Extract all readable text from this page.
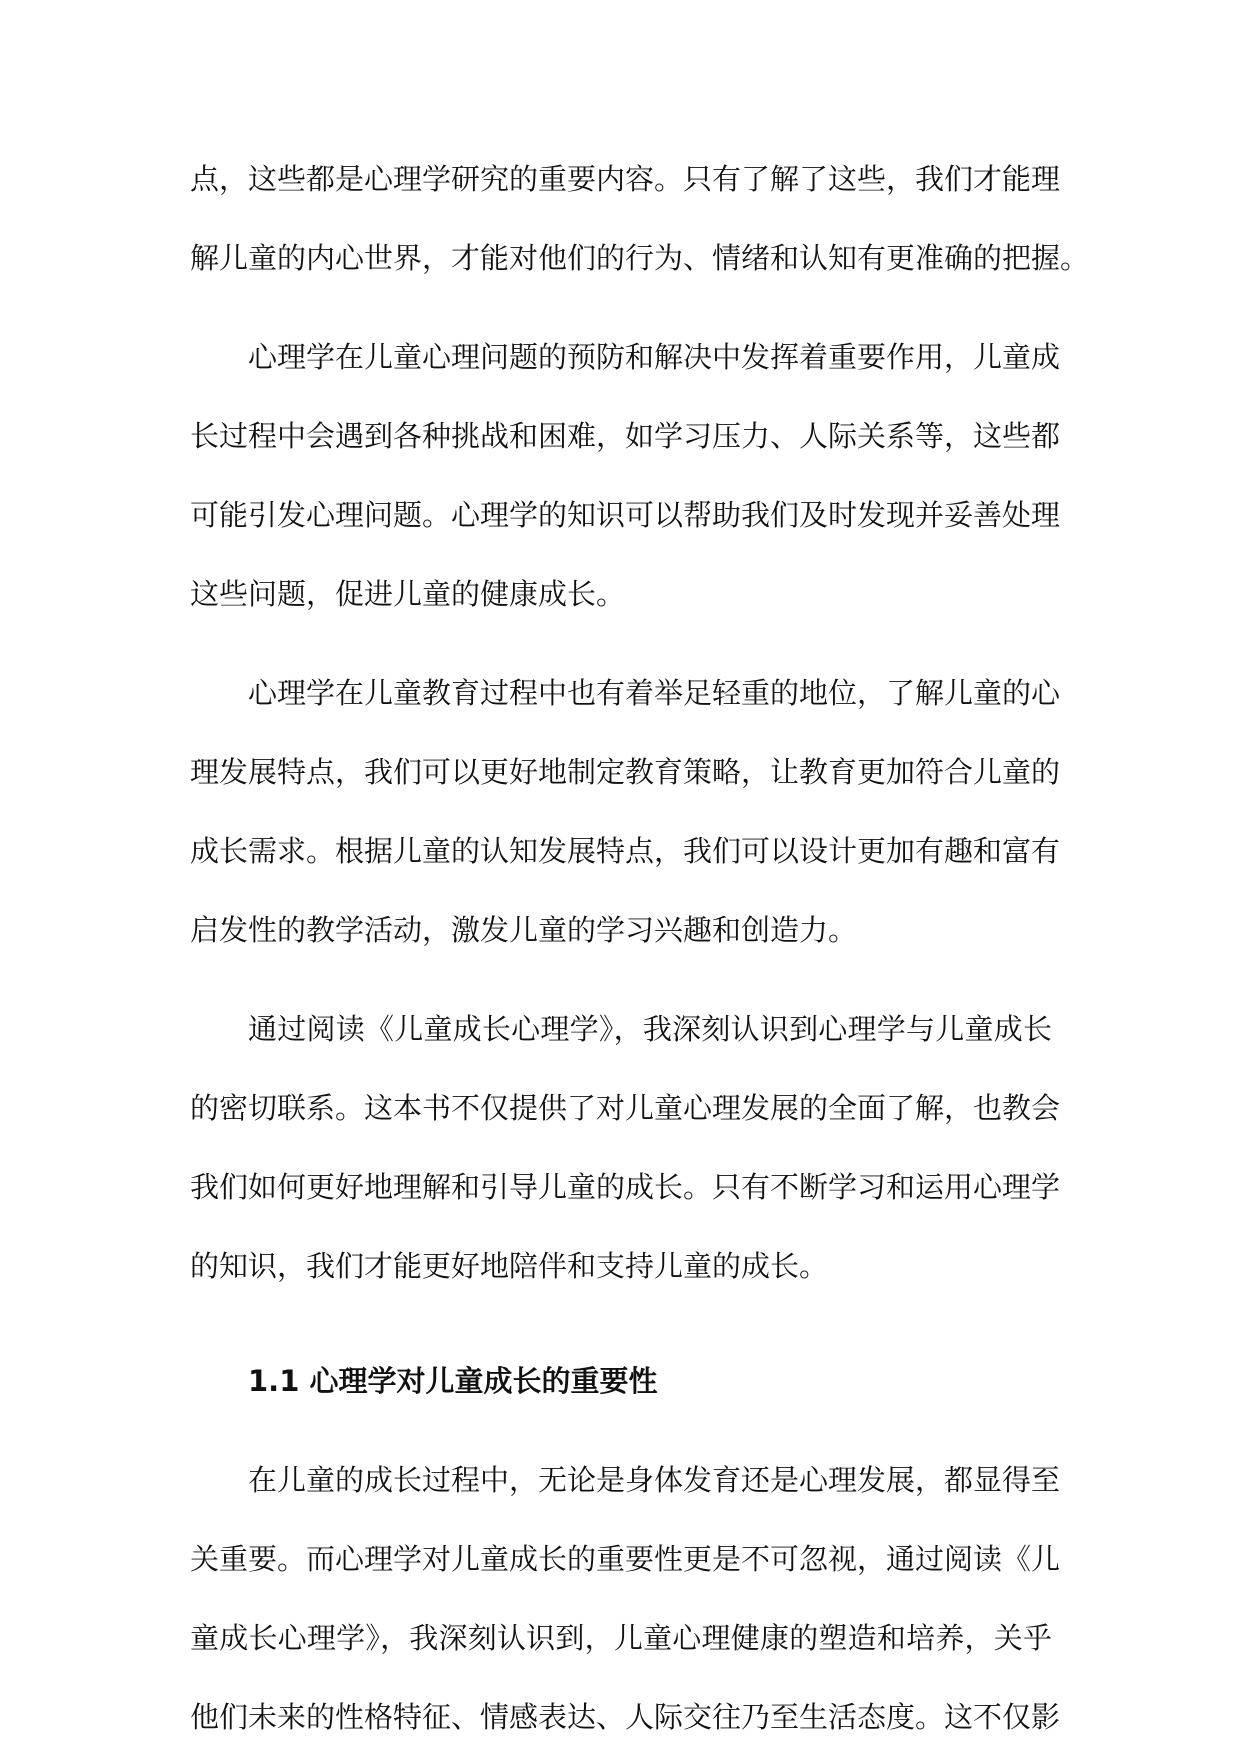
点，这些都是心理学研究的重要内容。只有了解了这些，我们才能理
解儿童的内心世界，才能对他们的行为、情绪和认知有更准确的把握。
心理学在儿童心理问题的预防和解决中发挥着重要作用，儿童成
长过程中会遇到各种挑战和困难，如学习压力、人际关系等，这些都
可能引发心理问题。心理学的知识可以帮助我们及时发现并妥善处理
这些问题，促进儿童的健康成长。
心理学在儿童教育过程中也有着举足轻重的地位，了解儿童的心
理发展特点，我们可以更好地制定教育策略，让教育更加符合儿童的
成长需求。根据儿童的认知发展特点，我们可以设计更加有趣和富有
启发性的教学活动，激发儿童的学习兴趣和创造力。
通过阅读《儿童成长心理学》，我深刻认识到心理学与儿童成长
的密切联系。这本书不仅提供了对儿童心理发展的全面了解，也教会
我们如何更好地理解和引导儿童的成长。只有不断学习和运用心理学
的知识，我们才能更好地陪伴和支持儿童的成长。
1.1 心理学对儿童成长的重要性
在儿童的成长过程中，无论是身体发育还是心理发展，都显得至
关重要。而心理学对儿童成长的重要性更是不可忽视，通过阅读《儿
童成长心理学》，我深刻认识到，儿童心理健康的塑造和培养，关乎
他们未来的性格特征、情感表达、人际交往乃至生活态度。这不仅影
